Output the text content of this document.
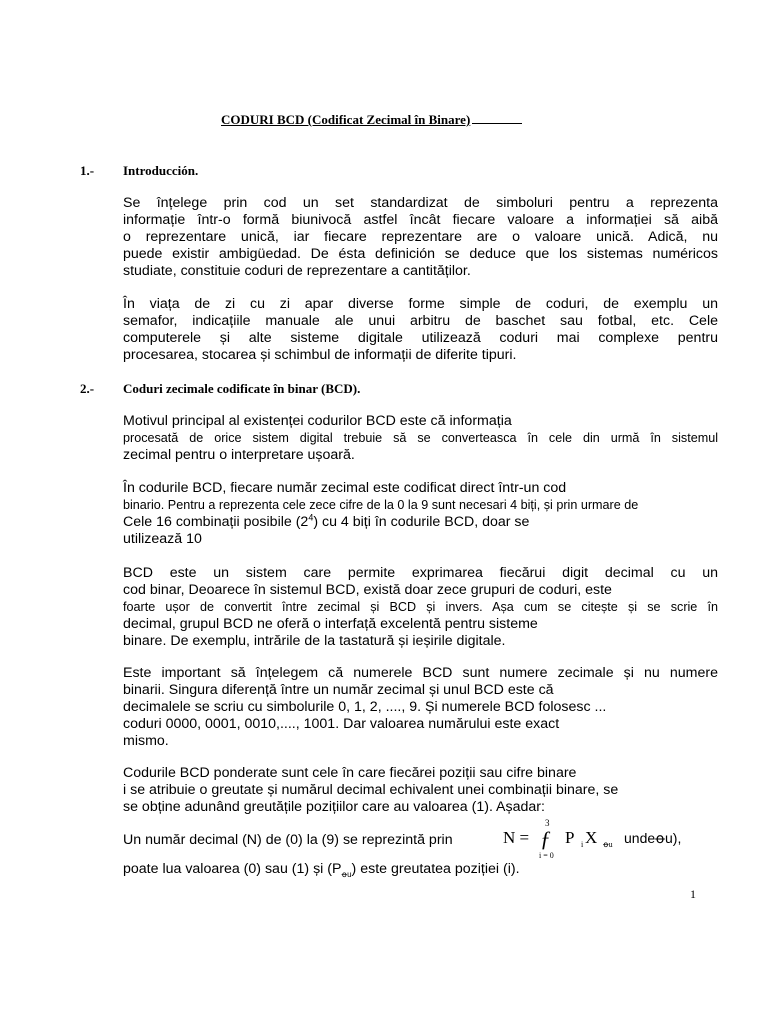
CODURI BCD (Codificat Zecimal în Binare)
1.- Introducción.
Se înțelege prin cod un set standardizat de simboluri pentru a reprezenta
informație într-o formă biunivocă astfel încât fiecare valoare a informației să aibă
o reprezentare unică, iar fiecare reprezentare are o valoare unică. Adică, nu
puede existir ambigüedad. De ésta definición se deduce que los sistemas numéricos
studiate, constituie coduri de reprezentare a cantităților.
În viața de zi cu zi apar diverse forme simple de coduri, de exemplu un
semafor, indicațiile manuale ale unui arbitru de baschet sau fotbal, etc. Cele
computerele și alte sisteme digitale utilizează coduri mai complexe pentru
procesarea, stocarea și schimbul de informații de diferite tipuri.
2.- Coduri zecimale codificate în binar (BCD).
Motivul principal al existenței codurilor BCD este că informația
procesată de orice sistem digital trebuie să se converteasca în cele din urmă în sistemul
zecimal pentru o interpretare ușoară.
În codurile BCD, fiecare număr zecimal este codificat direct într-un cod
binario. Pentru a reprezenta cele zece cifre de la 0 la 9 sunt necesari 4 biți, și prin urmare de
Cele 16 combinații posibile $(2^4)$ cu 4 biți în codurile BCD, doar se
utilizează 10
BCD este un sistem care permite exprimarea fiecărui digit decimal cu un
cod binar, Deoarece în sistemul BCD, există doar zece grupuri de coduri, este
foarte ușor de convertit între zecimal și BCD și invers. Așa cum se citește și se scrie în
decimal, grupul BCD ne oferă o interfață excelentă pentru sisteme
binare. De exemplu, intrările de la tastatură și ieșirile digitale.
Este important să înțelegem că numerele BCD sunt numere zecimale și nu numere
binarii. Singura diferență între un număr zecimal și unul BCD este că
decimalele se scriu cu simbolurile 0, 1, 2, ...., 9. Și numerele BCD folosesc ...
coduri 0000, 0001, 0010,...., 1001. Dar valoarea numărului este exact
mismo.
Codurile BCD ponderate sunt cele în care fiecărei poziții sau cifre binare
i se atribuie o greutate și numărul decimal echivalent unei combinații binare, se
se obține adunând greutățile pozițiilor care au valoarea (1). Așadar:
Un număr decimal (N) de (0) la (9) se reprezintă prin	N =
3
ƒ
i = 0
P i X ꝋu undeꝋu),
poate lua valoarea (0) sau (1) și $(P_{ꝋu})$ este greutatea poziției (i).
1
